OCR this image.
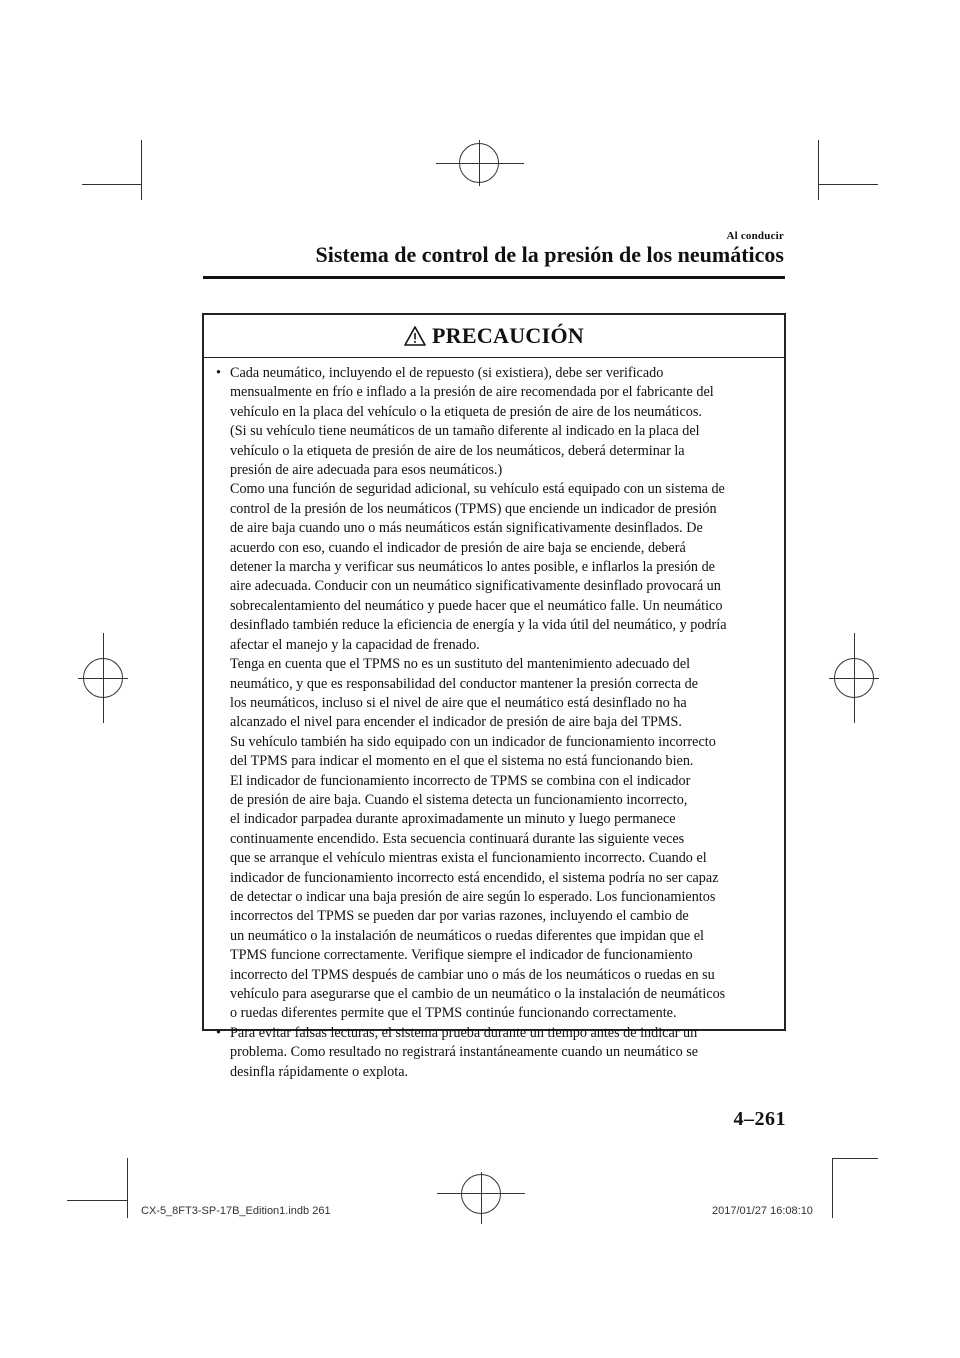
Al conducir
Sistema de control de la presión de los neumáticos
PRECAUCIÓN
• Cada neumático, incluyendo el de repuesto (si existiera), debe ser verificado
mensualmente en frío e inflado a la presión de aire recomendada por el fabricante del
vehículo en la placa del vehículo o la etiqueta de presión de aire de los neumáticos.
(Si su vehículo tiene neumáticos de un tamaño diferente al indicado en la placa del
vehículo o la etiqueta de presión de aire de los neumáticos, deberá determinar la
presión de aire adecuada para esos neumáticos.)
Como una función de seguridad adicional, su vehículo está equipado con un sistema de
control de la presión de los neumáticos (TPMS) que enciende un indicador de presión
de aire baja cuando uno o más neumáticos están significativamente desinflados. De
acuerdo con eso, cuando el indicador de presión de aire baja se enciende, deberá
detener la marcha y verificar sus neumáticos lo antes posible, e inflarlos la presión de
aire adecuada. Conducir con un neumático significativamente desinflado provocará un
sobrecalentamiento del neumático y puede hacer que el neumático falle. Un neumático
desinflado también reduce la eficiencia de energía y la vida útil del neumático, y podría
afectar el manejo y la capacidad de frenado.
Tenga en cuenta que el TPMS no es un sustituto del mantenimiento adecuado del
neumático, y que es responsabilidad del conductor mantener la presión correcta de
los neumáticos, incluso si el nivel de aire que el neumático está desinflado no ha
alcanzado el nivel para encender el indicador de presión de aire baja del TPMS.
Su vehículo también ha sido equipado con un indicador de funcionamiento incorrecto
del TPMS para indicar el momento en el que el sistema no está funcionando bien.
El indicador de funcionamiento incorrecto de TPMS se combina con el indicador
de presión de aire baja. Cuando el sistema detecta un funcionamiento incorrecto,
el indicador parpadea durante aproximadamente un minuto y luego permanece
continuamente encendido. Esta secuencia continuará durante las siguiente veces
que se arranque el vehículo mientras exista el funcionamiento incorrecto. Cuando el
indicador de funcionamiento incorrecto está encendido, el sistema podría no ser capaz
de detectar o indicar una baja presión de aire según lo esperado. Los funcionamientos
incorrectos del TPMS se pueden dar por varias razones, incluyendo el cambio de
un neumático o la instalación de neumáticos o ruedas diferentes que impidan que el
TPMS funcione correctamente. Verifique siempre el indicador de funcionamiento
incorrecto del TPMS después de cambiar uno o más de los neumáticos o ruedas en su
vehículo para asegurarse que el cambio de un neumático o la instalación de neumáticos
o ruedas diferentes permite que el TPMS continúe funcionando correctamente.
• Para evitar falsas lecturas, el sistema prueba durante un tiempo antes de indicar un
problema. Como resultado no registrará instantáneamente cuando un neumático se
desinfla rápidamente o explota.
4–261
CX-5_8FT3-SP-17B_Edition1.indb 261	2017/01/27 16:08:10
